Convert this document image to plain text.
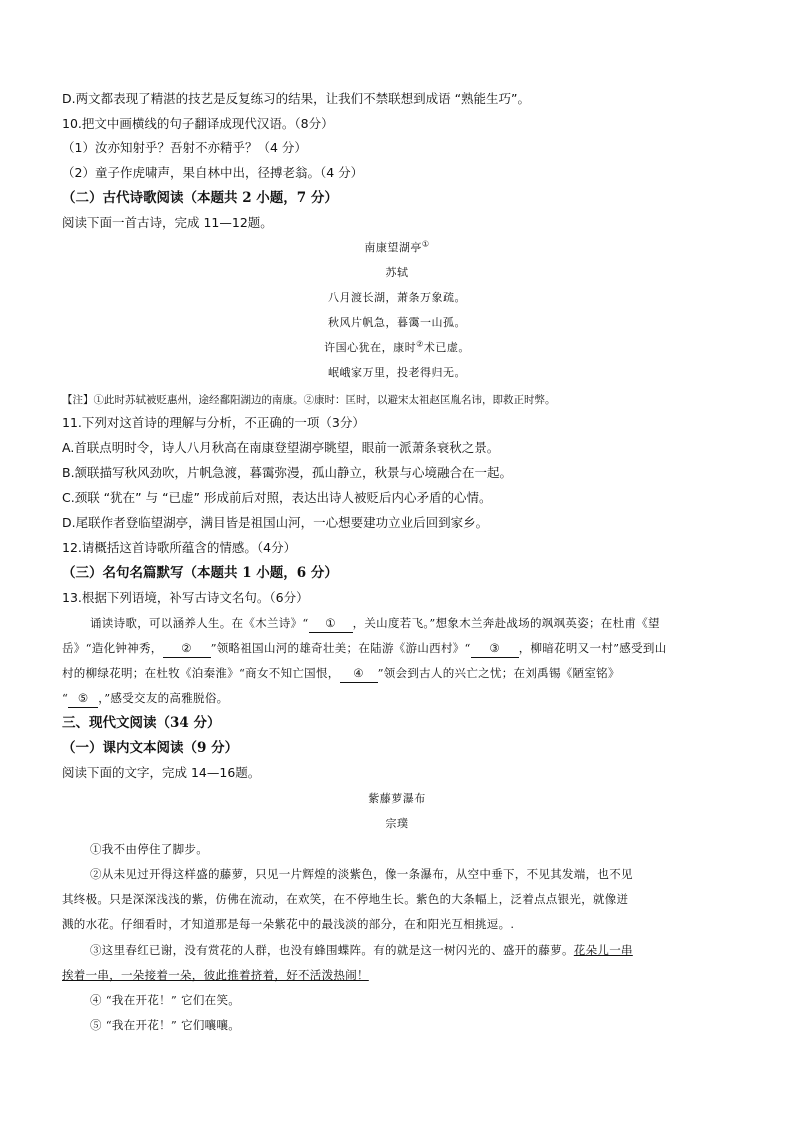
D.两文都表现了精湛的技艺是反复练习的结果，让我们不禁联想到成语 “熟能生巧”。
10.把文中画横线的句子翻译成现代汉语。（8分）
（1）汝亦知射乎？吾射不亦精乎？（4 分）
（2）童子作虎啸声，果自林中出，径搏老翁。（4 分）
（二）古代诗歌阅读（本题共 2 小题，7 分）
阅读下面一首古诗，完成 11—12题。
南康望湖亭①
苏轼
八月渡长湖，萧条万象疏。
秋风片帆急，暮霭一山孤。
许国心犹在，康时②术已虚。
岷峨家万里，投老得归无。
【注】①此时苏轼被贬惠州，途经鄱阳湖边的南康。②康时：匡时，以避宋太祖赵匡胤名讳，即救正时弊。
11.下列对这首诗的理解与分析，不正确的一项（3分）
A.首联点明时令，诗人八月秋高在南康登望湖亭眺望，眼前一派萧条衰秋之景。
B.颔联描写秋风劲吹，片帆急渡，暮霭弥漫，孤山静立，秋景与心境融合在一起。
C.颈联 “犹在” 与 “已虚” 形成前后对照，表达出诗人被贬后内心矛盾的心情。
D.尾联作者登临望湖亭，满目皆是祖国山河，一心想要建功立业后回到家乡。
12.请概括这首诗歌所蕴含的情感。（4分）
（三）名句名篇默写（本题共 1 小题，6 分）
13.根据下列语境，补写古诗文名句。（6分）
诵读诗歌，可以涵养人生。在《木兰诗》“ ① ，关山度若飞。”想象木兰奔赴战场的飒飒英姿；在杜甫《望
岳》“造化钟神秀， ② ”领略祖国山河的雄奇壮美；在陆游《游山西村》“ ③ ，柳暗花明又一村”感受到山
村的柳绿花明；在杜牧《泊秦淮》“商女不知亡国恨， ④ ”领会到古人的兴亡之忧；在刘禹锡《陋室铭》
“ ⑤ ，”感受交友的高雅脱俗。
三、现代文阅读（34 分）
（一）课内文本阅读（9 分）
阅读下面的文字，完成 14—16题。
紫藤萝瀑布
宗璞
①我不由停住了脚步。
②从未见过开得这样盛的藤萝，只见一片辉煌的淡紫色，像一条瀑布，从空中垂下，不见其发端，也不见
其终极。只是深深浅浅的紫，仿佛在流动，在欢笑，在不停地生长。紫色的大条幅上，泛着点点银光，就像迸
溅的水花。仔细看时，才知道那是每一朵紫花中的最浅淡的部分，在和阳光互相挑逗。.
③这里春红已谢，没有赏花的人群，也没有蜂围蝶阵。有的就是这一树闪光的、盛开的藤萝。花朵儿一串
挨着一串，一朵接着一朵，彼此推着挤着，好不活泼热闹！
④ “我在开花！” 它们在笑。
⑤ “我在开花！” 它们嚷嚷。
